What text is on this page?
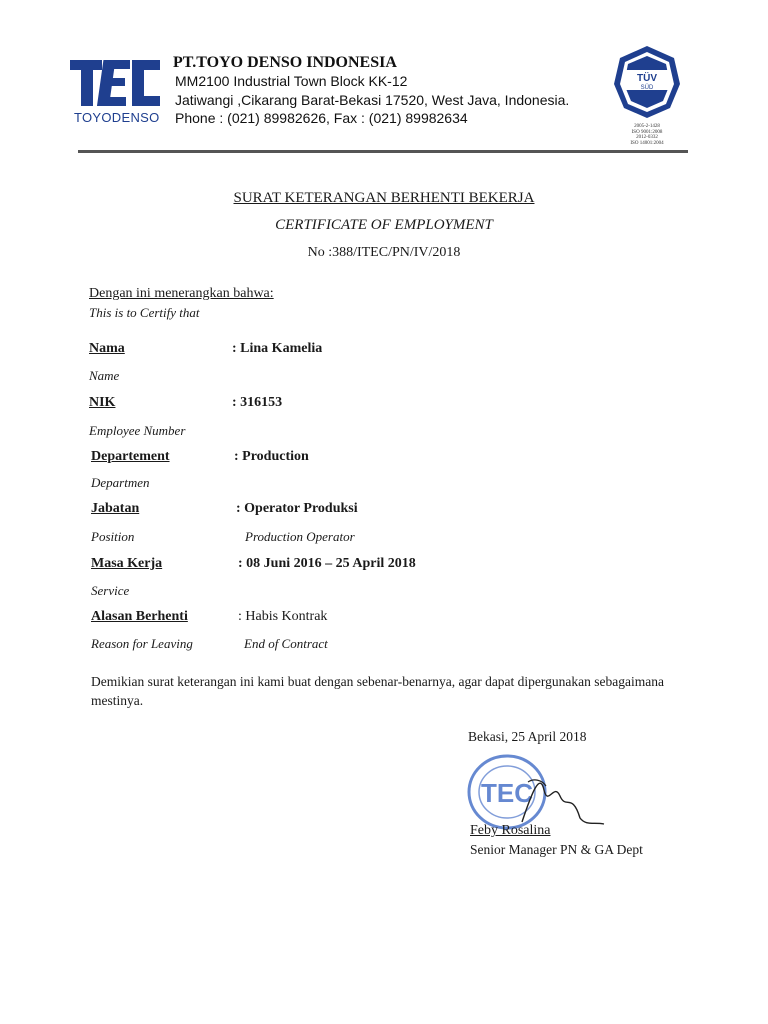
TOYODENSO
PT.TOYO DENSO INDONESIA
MM2100 Industrial Town Block KK-12
Jatiwangi ,Cikarang Barat-Bekasi 17520, West Java, Indonesia.
Phone : (021) 89982626, Fax : (021) 89982634
TÜV
SÜD
2005-2-1428
ISO 9001:2008
2012-0332
ISO 14001:2004
SURAT KETERANGAN BERHENTI BEKERJA
CERTIFICATE OF EMPLOYMENT
No :388/ITEC/PN/IV/2018
Dengan ini menerangkan bahwa:
This is to Certify that
Nama	: Lina Kamelia
Name
NIK	: 316153
Employee Number
Departement	: Production
Departmen
Jabatan	: Operator Produksi
Position	Production Operator
Masa Kerja	: 08 Juni 2016 – 25 April 2018
Service
Alasan Berhenti	: Habis Kontrak
Reason for Leaving	End of Contract
Demikian surat keterangan ini kami buat dengan sebenar-benarnya, agar dapat dipergunakan sebagaimana mestinya.
Bekasi, 25 April 2018
TEC
Feby Rosalina
Senior Manager PN & GA Dept
